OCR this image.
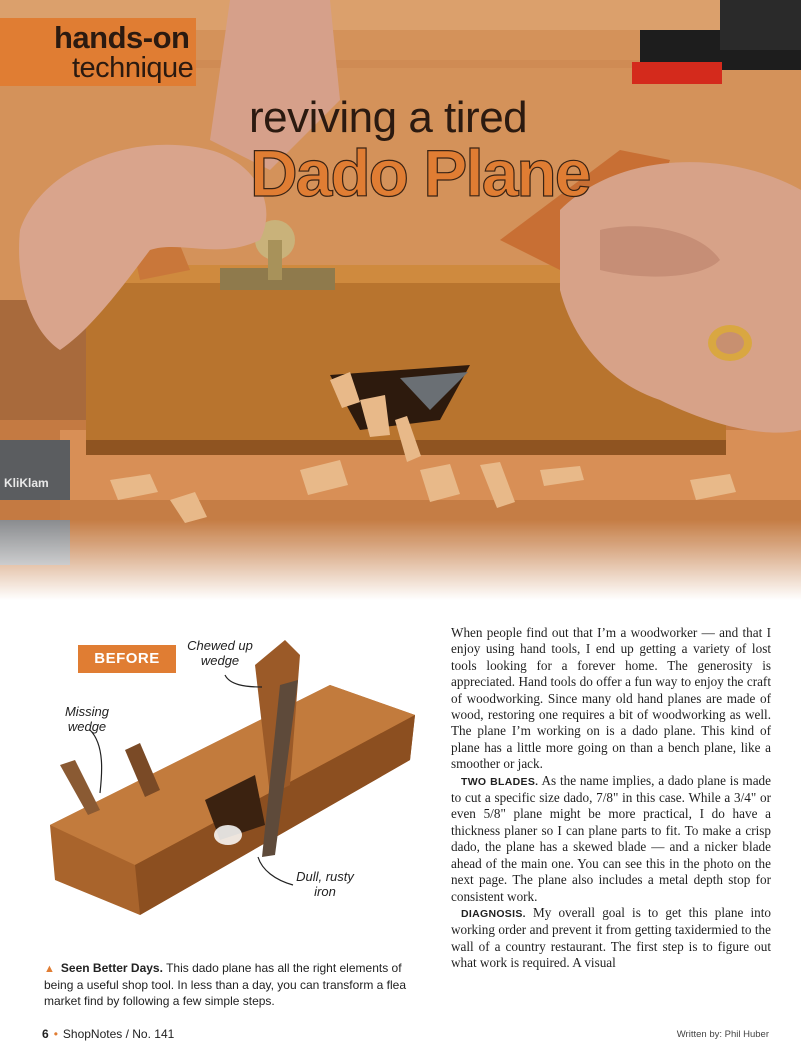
KliKlam
hands-on
technique
reviving a tired
Dado Plane
BEFORE
Chewed up
wedge
Missing
wedge
Dull, rusty
iron
▲ Seen Better Days. This dado plane has all the right elements of being a useful shop tool. In less than a day, you can transform a flea market find by following a few simple steps.

When people find out that I’m a woodworker — and that I enjoy using hand tools, I end up getting a variety of lost tools looking for a forever home. The generosity is appreciated. Hand tools do offer a fun way to enjoy the craft of woodworking. Since many old hand planes are made of wood, restoring one requires a bit of woodworking as well. The plane I’m working on is a dado plane. This kind of plane has a little more going on than a bench plane, like a smoother or jack.

TWO BLADES. As the name implies, a dado plane is made to cut a specific size dado, 7/8" in this case. While a 3/4" or even 5/8" plane might be more practical, I do have a thickness planer so I can plane parts to fit. To make a crisp dado, the plane has a skewed blade — and a nicker blade ahead of the main one. You can see this in the photo on the next page. The plane also includes a metal depth stop for consistent work.

DIAGNOSIS. My overall goal is to get this plane into working order and prevent it from getting taxidermied to the wall of a country restaurant. The first step is to figure out what work is required. A visual

6 • ShopNotes / No. 141	Written by: Phil Huber
